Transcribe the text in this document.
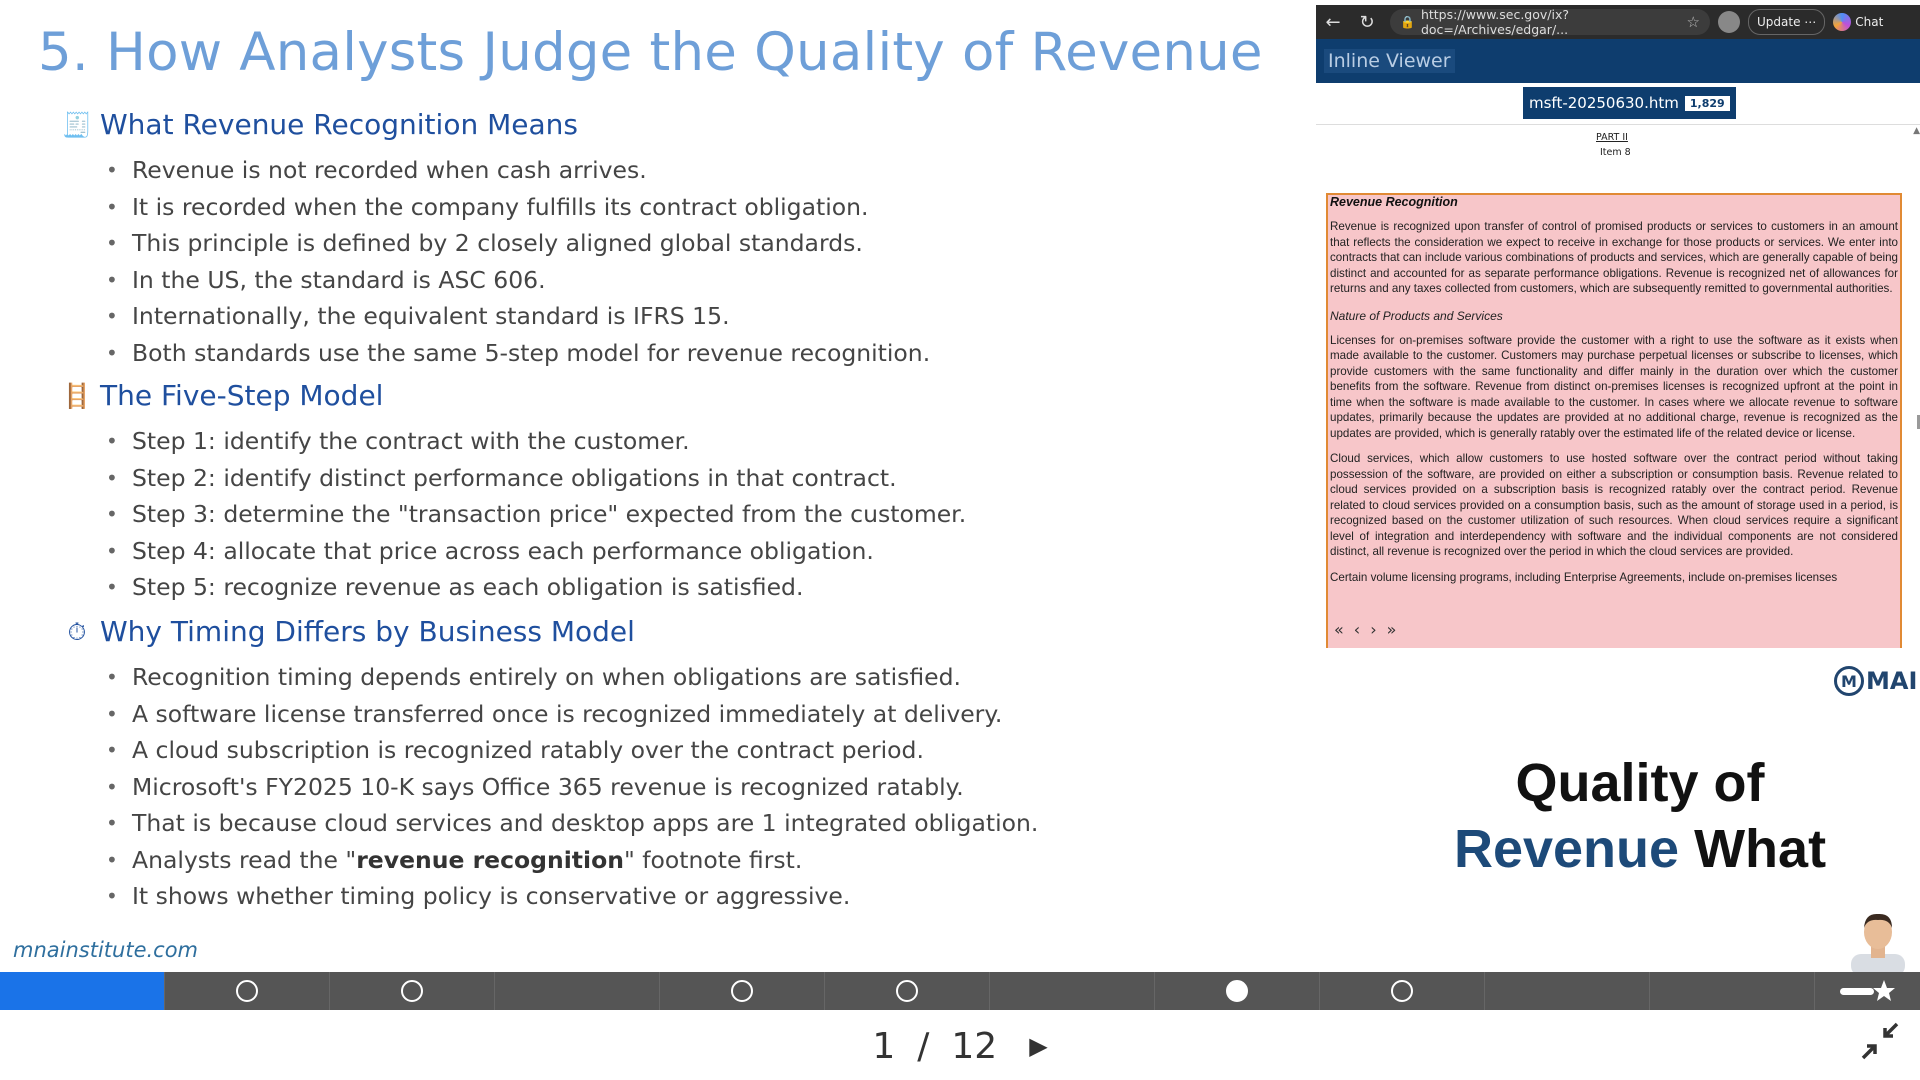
5. How Analysts Judge the Quality of Revenue
🧾 What Revenue Recognition Means
• Revenue is not recorded when cash arrives.
• It is recorded when the company fulfills its contract obligation.
• This principle is defined by 2 closely aligned global standards.
• In the US, the standard is ASC 606.
• Internationally, the equivalent standard is IFRS 15.
• Both standards use the same 5-step model for revenue recognition.
🪜 The Five-Step Model
• Step 1: identify the contract with the customer.
• Step 2: identify distinct performance obligations in that contract.
• Step 3: determine the "transaction price" expected from the customer.
• Step 4: allocate that price across each performance obligation.
• Step 5: recognize revenue as each obligation is satisfied.
⏱ Why Timing Differs by Business Model
• Recognition timing depends entirely on when obligations are satisfied.
• A software license transferred once is recognized immediately at delivery.
• A cloud subscription is recognized ratably over the contract period.
• Microsoft's FY2025 10-K says Office 365 revenue is recognized ratably.
• That is because cloud services and desktop apps are 1 integrated obligation.
• Analysts read the "revenue recognition" footnote first.
• It shows whether timing policy is conservative or aggressive.
mnainstitute.com
←	↻	🔒 https://www.sec.gov/ix?doc=/Archives/edgar/...	☆	Update
⋯	Chat
Inline Viewer
msft-20250630.htm	1,829
▲
PART II
Item 8
Revenue Recognition

Revenue is recognized upon transfer of control of promised products or services to customers in an amount that reflects the consideration we expect to receive in exchange for those products or services. We enter into contracts that can include various combinations of products and services, which are generally capable of being distinct and accounted for as separate performance obligations. Revenue is recognized net of allowances for returns and any taxes collected from customers, which are subsequently remitted to governmental authorities.

Nature of Products and Services

Licenses for on-premises software provide the customer with a right to use the software as it exists when made available to the customer. Customers may purchase perpetual licenses or subscribe to licenses, which provide customers with the same functionality and differ mainly in the duration over which the customer benefits from the software. Revenue from distinct on-premises licenses is recognized upfront at the point in time when the software is made available to the customer. In cases where we allocate revenue to software updates, primarily because the updates are provided at no additional charge, revenue is recognized as the updates are provided, which is generally ratably over the estimated life of the related device or license.

Cloud services, which allow customers to use hosted software over the contract period without taking possession of the software, are provided on either a subscription or consumption basis. Revenue related to cloud services provided on a subscription basis is recognized ratably over the contract period. Revenue related to cloud services provided on a consumption basis, such as the amount of storage used in a period, is recognized based on the customer utilization of such resources. When cloud services require a significant level of integration and interdependency with software and the individual components are not considered distinct, all revenue is recognized over the period in which the cloud services are provided.

Certain volume licensing programs, including Enterprise Agreements, include on-premises licenses

« ‹ › »
M MAI
Quality of
Revenue What
1 / 12 ▶
